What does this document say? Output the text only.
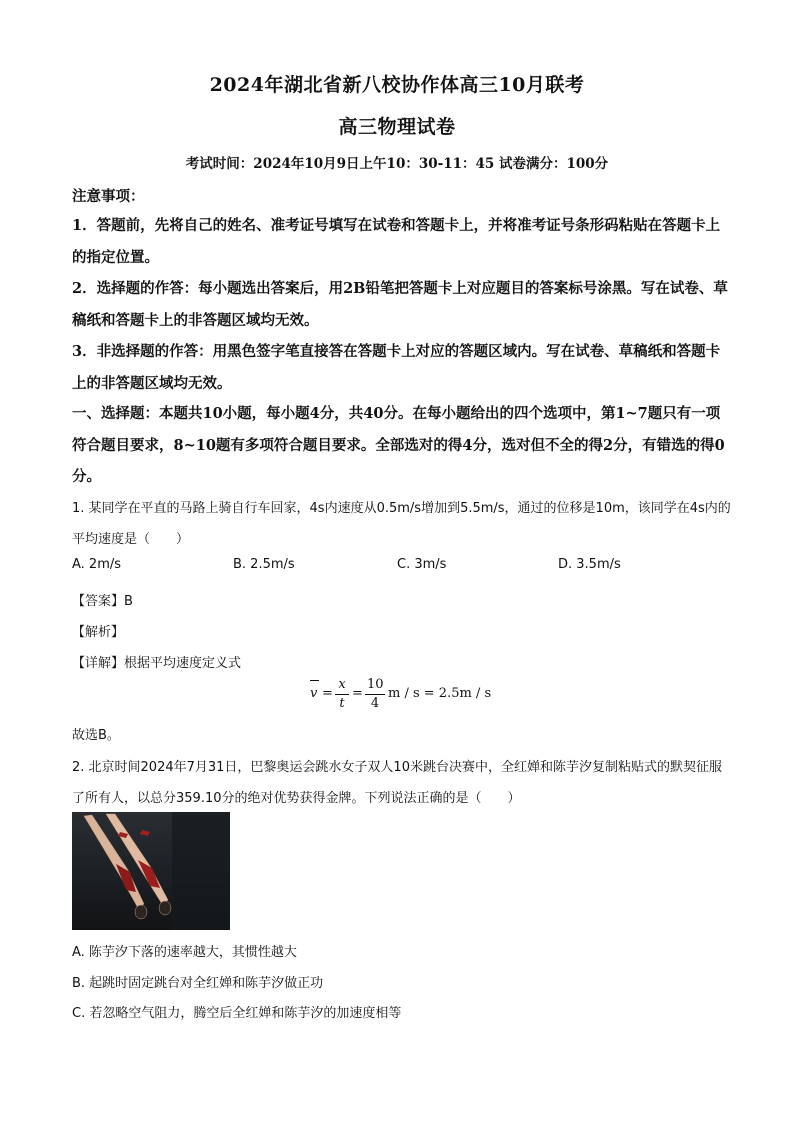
2024年湖北省新八校协作体高三10月联考
高三物理试卷
考试时间：2024年10月9日上午10：30-11：45 试卷满分：100分
注意事项：
1．答题前，先将自己的姓名、准考证号填写在试卷和答题卡上，并将准考证号条形码粘贴在答题卡上的指定位置。
2．选择题的作答：每小题选出答案后，用2B铅笔把答题卡上对应题目的答案标号涂黑。写在试卷、草稿纸和答题卡上的非答题区域均无效。
3．非选择题的作答：用黑色签字笔直接答在答题卡上对应的答题区域内。写在试卷、草稿纸和答题卡上的非答题区域均无效。
一、选择题：本题共10小题，每小题4分，共40分。在每小题给出的四个选项中，第1~7题只有一项符合题目要求，8~10题有多项符合题目要求。全部选对的得4分，选对但不全的得2分，有错选的得0分。
1. 某同学在平直的马路上骑自行车回家，4s内速度从0.5m/s增加到5.5m/s，通过的位移是10m，该同学在4s内的平均速度是（　　）
A. 2m/s	B. 2.5m/s	C. 3m/s	D. 3.5m/s
【答案】B
【解析】
【详解】根据平均速度定义式
$v = \frac{x}{t} = \frac{10}{4}$ m / s = 2.5m / s
故选B。
2. 北京时间2024年7月31日，巴黎奥运会跳水女子双人10米跳台决赛中，全红婵和陈芋汐复制粘贴式的默契征服了所有人，以总分359.10分的绝对优势获得金牌。下列说法正确的是（　　）
A. 陈芋汐下落的速率越大，其惯性越大
B. 起跳时固定跳台对全红婵和陈芋汐做正功
C. 若忽略空气阻力，腾空后全红婵和陈芋汐的加速度相等
